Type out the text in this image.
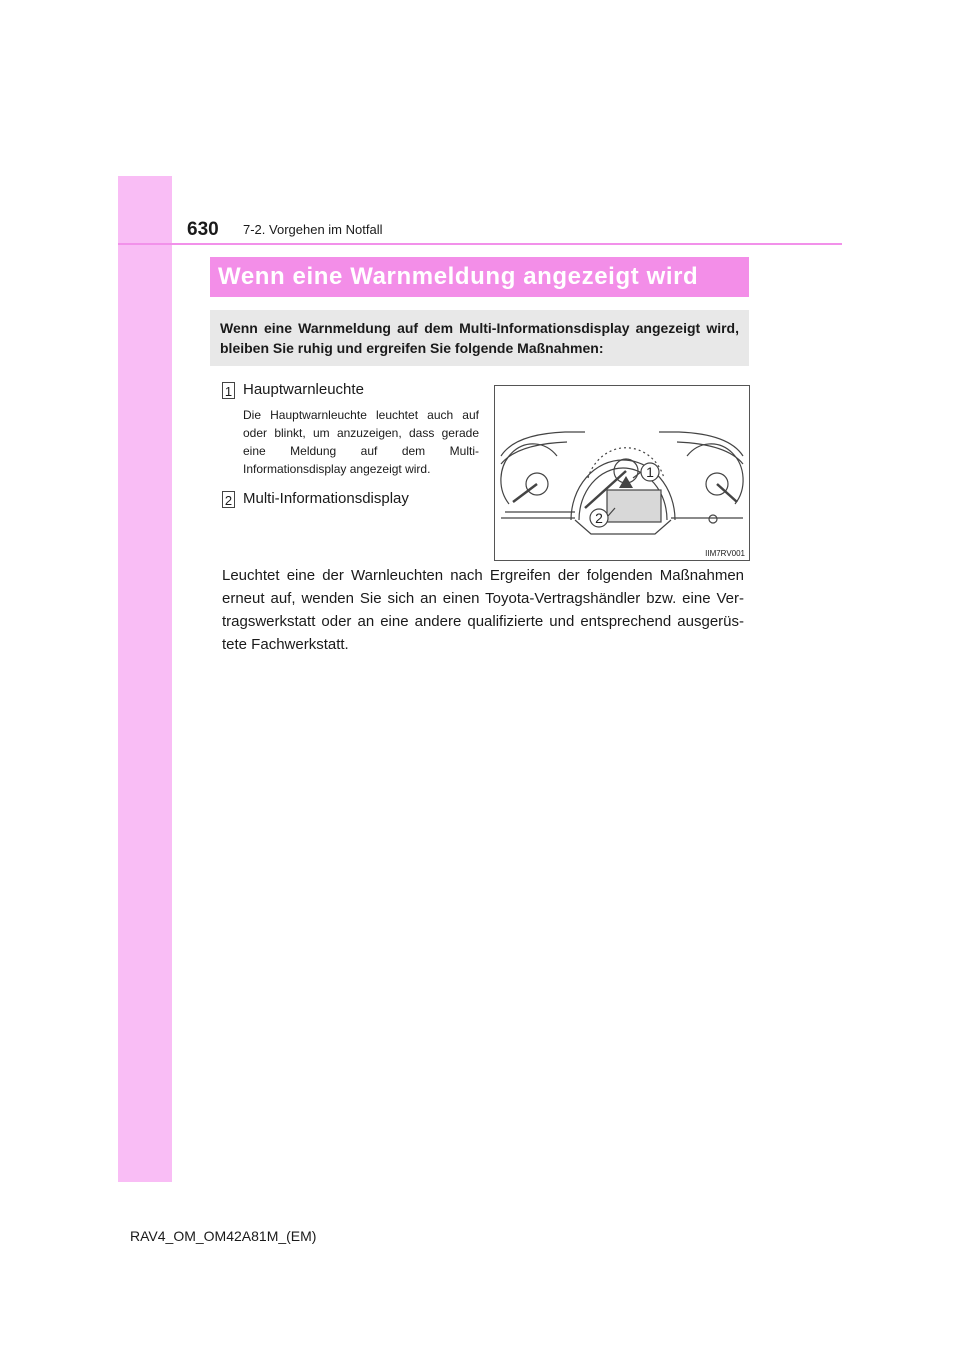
630 7-2. Vorgehen im Notfall
Wenn eine Warnmeldung angezeigt wird
Wenn eine Warnmeldung auf dem Multi-Informationsdisplay angezeigt wird, bleiben Sie ruhig und ergreifen Sie folgende Maßnahmen:
1 Hauptwarnleuchte
Die Hauptwarnleuchte leuchtet auch auf oder blinkt, um anzuzeigen, dass gerade eine Meldung auf dem Multi-Informationsdisplay angezeigt wird.
2 Multi-Informationsdisplay
1
2
IIM7RV001
Leuchtet eine der Warnleuchten nach Ergreifen der folgenden Maßnahmen erneut auf, wenden Sie sich an einen Toyota-Vertragshändler bzw. eine Ver-tragswerkstatt oder an eine andere qualifizierte und entsprechend ausgerüs-tete Fachwerkstatt.
RAV4_OM_OM42A81M_(EM)
